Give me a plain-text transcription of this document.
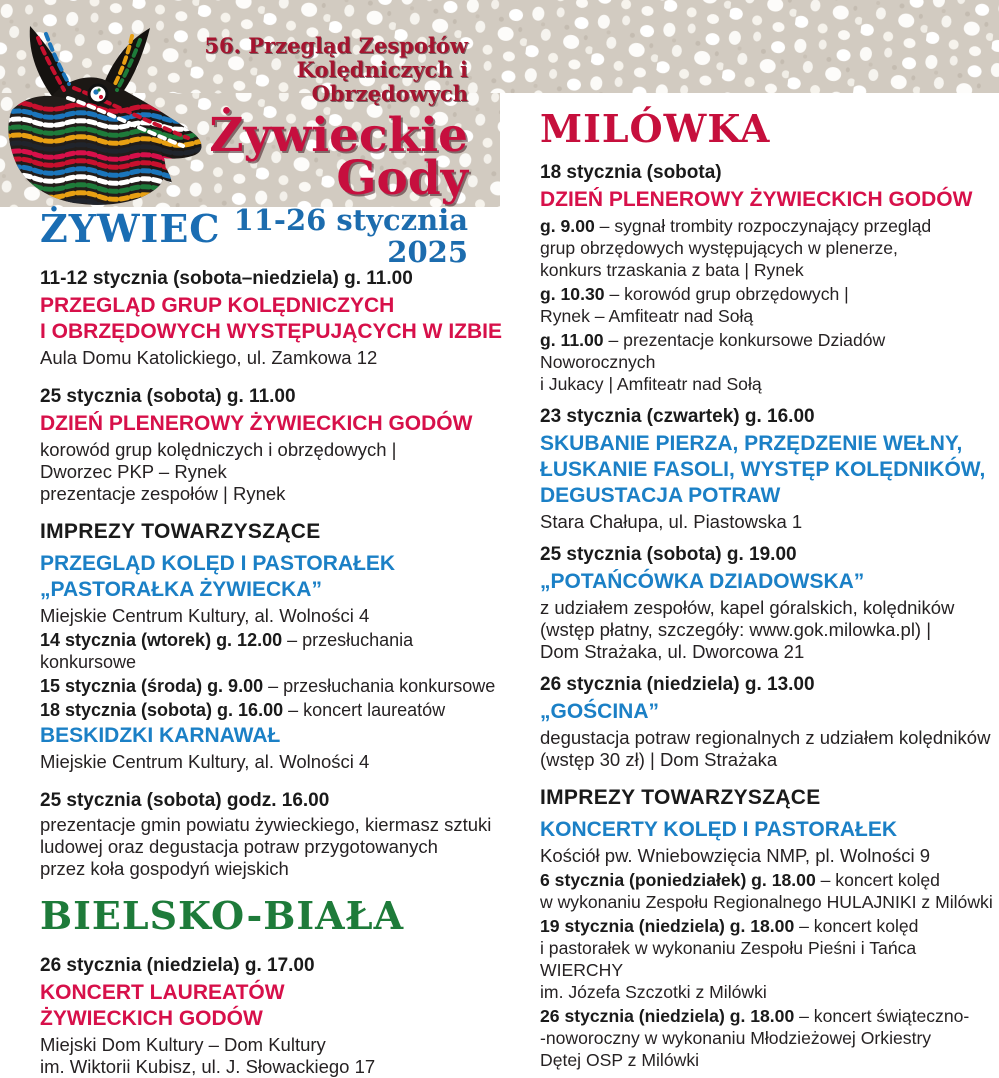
56. Przegląd Zespołów
Kolędniczych i Obrzędowych
Żywieckie
Gody
11-26 stycznia 2025
ŻYWIEC
11-12 stycznia (sobota–niedziela) g. 11.00
PRZEGLĄD GRUP KOLĘDNICZYCH
I OBRZĘDOWYCH WYSTĘPUJĄCYCH W IZBIE
Aula Domu Katolickiego, ul. Zamkowa 12
25 stycznia (sobota) g. 11.00
DZIEŃ PLENEROWY ŻYWIECKICH GODÓW
korowód grup kolędniczych i obrzędowych |
Dworzec PKP – Rynek
prezentacje zespołów | Rynek
IMPREZY TOWARZYSZĄCE
PRZEGLĄD KOLĘD I PASTORAŁEK
„PASTORAŁKA ŻYWIECKA”
Miejskie Centrum Kultury, al. Wolności 4
14 stycznia (wtorek) g. 12.00 – przesłuchania konkursowe
15 stycznia (środa) g. 9.00 – przesłuchania konkursowe
18 stycznia (sobota) g. 16.00 – koncert laureatów
BESKIDZKI KARNAWAŁ
Miejskie Centrum Kultury, al. Wolności 4
25 stycznia (sobota) godz. 16.00
prezentacje gmin powiatu żywieckiego, kiermasz sztuki
ludowej oraz degustacja potraw przygotowanych
przez koła gospodyń wiejskich
BIELSKO-BIAŁA
26 stycznia (niedziela) g. 17.00
KONCERT LAUREATÓW
ŻYWIECKICH GODÓW
Miejski Dom Kultury – Dom Kultury
im. Wiktorii Kubisz, ul. J. Słowackiego 17
MILÓWKA
18 stycznia (sobota)
DZIEŃ PLENEROWY ŻYWIECKICH GODÓW
g. 9.00 – sygnał trombity rozpoczynający przegląd
grup obrzędowych występujących w plenerze,
konkurs trzaskania z bata | Rynek
g. 10.30 – korowód grup obrzędowych |
Rynek – Amfiteatr nad Sołą
g. 11.00 – prezentacje konkursowe Dziadów Noworocznych
i Jukacy | Amfiteatr nad Sołą
23 stycznia (czwartek) g. 16.00
SKUBANIE PIERZA, PRZĘDZENIE WEŁNY,
ŁUSKANIE FASOLI, WYSTĘP KOLĘDNIKÓW,
DEGUSTACJA POTRAW
Stara Chałupa, ul. Piastowska 1
25 stycznia (sobota) g. 19.00
„POTAŃCÓWKA DZIADOWSKA”
z udziałem zespołów, kapel góralskich, kolędników
(wstęp płatny, szczegóły: www.gok.milowka.pl) |
Dom Strażaka, ul. Dworcowa 21
26 stycznia (niedziela) g. 13.00
„GOŚCINA”
degustacja potraw regionalnych z udziałem kolędników
(wstęp 30 zł) | Dom Strażaka
IMPREZY TOWARZYSZĄCE
KONCERTY KOLĘD I PASTORAŁEK
Kościół pw. Wniebowzięcia NMP, pl. Wolności 9
6 stycznia (poniedziałek) g. 18.00 – koncert kolęd
w wykonaniu Zespołu Regionalnego HULAJNIKI z Milówki
19 stycznia (niedziela) g. 18.00 – koncert kolęd
i pastorałek w wykonaniu Zespołu Pieśni i Tańca WIERCHY
im. Józefa Szczotki z Milówki
26 stycznia (niedziela) g. 18.00 – koncert świąteczno-
-noworoczny w wykonaniu Młodzieżowej Orkiestry
Dętej OSP z Milówki
